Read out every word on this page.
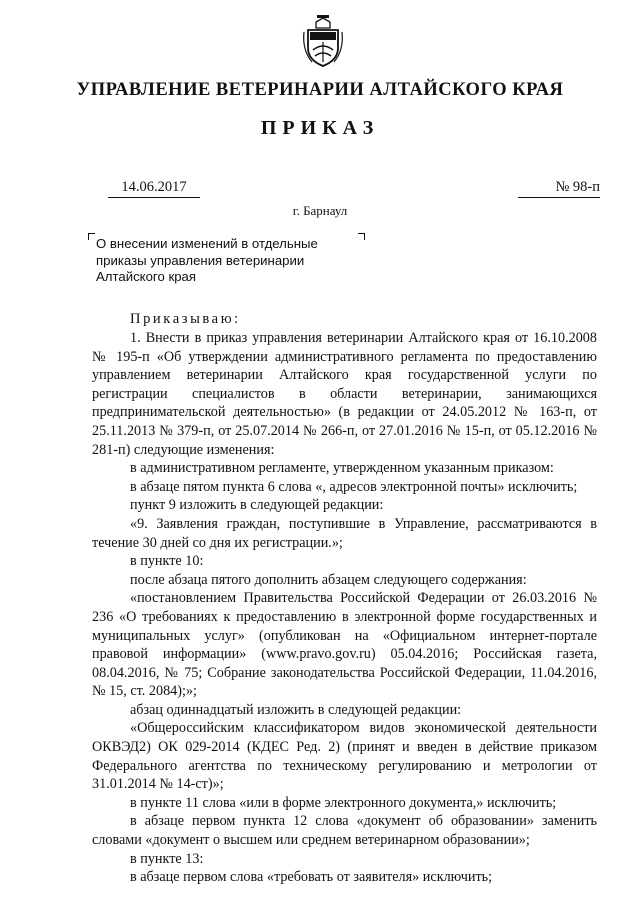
УПРАВЛЕНИЕ ВЕТЕРИНАРИИ АЛТАЙСКОГО КРАЯ
ПРИКАЗ
14.06.2017	№ 98-п
г. Барнаул
О внесении изменений в отдельные приказы управления ветеринарии Алтайского края
Приказываю:

1. Внести в приказ управления ветеринарии Алтайского края от 16.10.2008 № 195-п «Об утверждении административного регламента по предоставлению управлением ветеринарии Алтайского края государственной услуги по регистрации специалистов в области ветеринарии, занимающихся предпринимательской деятельностью» (в редакции от 24.05.2012 № 163-п, от 25.11.2013 № 379-п, от 25.07.2014 № 266-п, от 27.01.2016 № 15-п, от 05.12.2016 № 281-п) следующие изменения:

в административном регламенте, утвержденном указанным приказом:

в абзаце пятом пункта 6 слова «, адресов электронной почты» исключить;

пункт 9 изложить в следующей редакции:

«9. Заявления граждан, поступившие в Управление, рассматриваются в течение 30 дней со дня их регистрации.»;

в пункте 10:

после абзаца пятого дополнить абзацем следующего содержания:

«постановлением Правительства Российской Федерации от 26.03.2016 № 236 «О требованиях к предоставлению в электронной форме государственных и муниципальных услуг» (опубликован на «Официальном интернет-портале правовой информации» (www.pravo.gov.ru) 05.04.2016; Российская газета, 08.04.2016, № 75; Собрание законодательства Российской Федерации, 11.04.2016, № 15, ст. 2084);»;

абзац одиннадцатый изложить в следующей редакции:

«Общероссийским классификатором видов экономической деятельности ОКВЭД2) ОК 029-2014 (КДЕС Ред. 2) (принят и введен в действие приказом Федерального агентства по техническому регулированию и метрологии от 31.01.2014 № 14-ст)»;

в пункте 11 слова «или в форме электронного документа,» исключить;

в абзаце первом пункта 12 слова «документ об образовании» заменить словами «документ о высшем или среднем ветеринарном образовании»;

в пункте 13:

в абзаце первом слова «требовать от заявителя» исключить;
